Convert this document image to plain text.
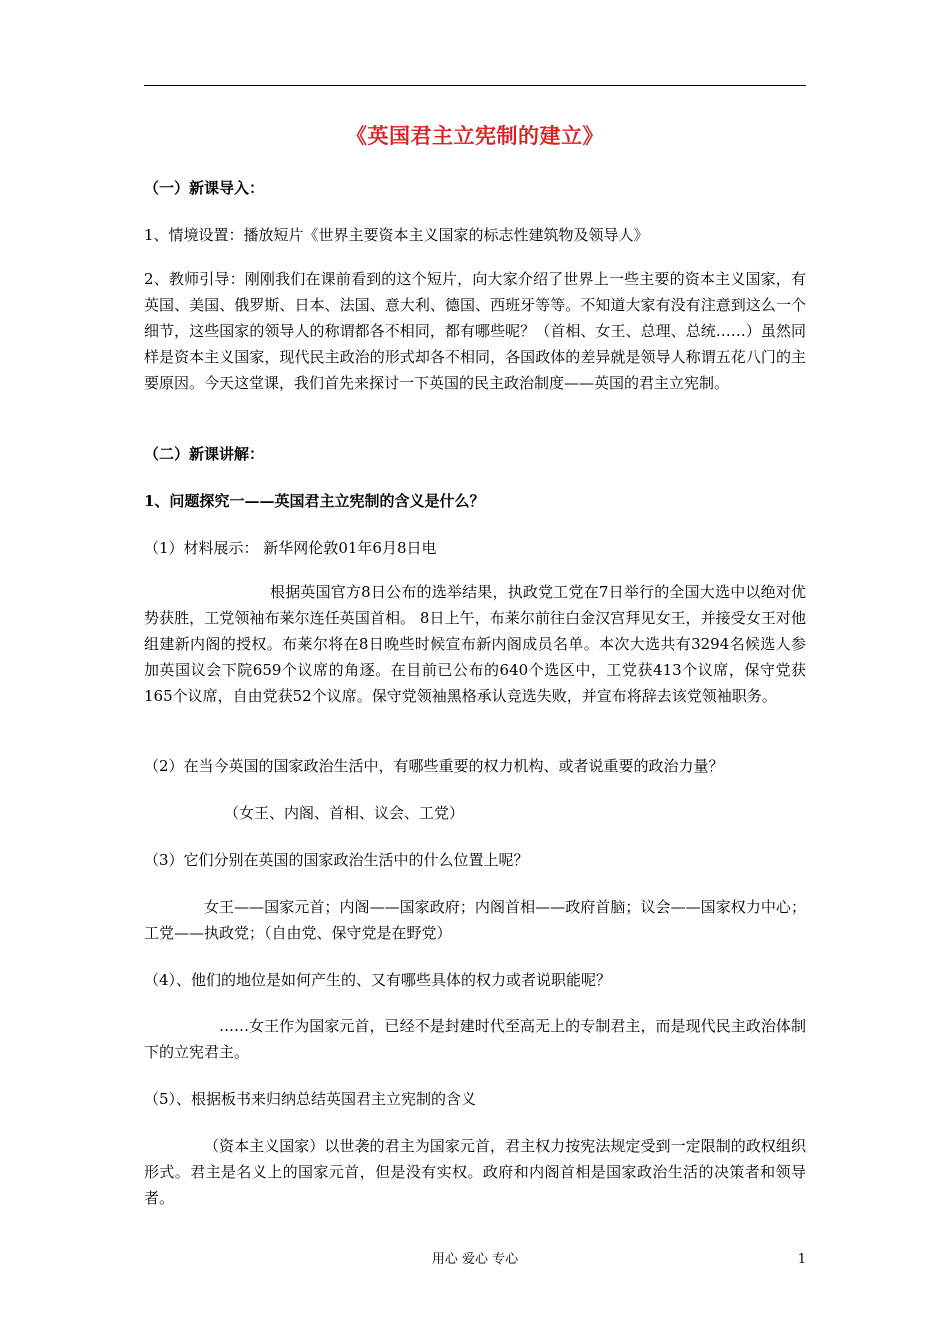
《英国君主立宪制的建立》
（一）新课导入：
1、情境设置：播放短片《世界主要资本主义国家的标志性建筑物及领导人》
2、教师引导：刚刚我们在课前看到的这个短片，向大家介绍了世界上一些主要的资本主义国家，有英国、美国、俄罗斯、日本、法国、意大利、德国、西班牙等等。不知道大家有没有注意到这么一个细节，这些国家的领导人的称谓都各不相同，都有哪些呢？（首相、女王、总理、总统……）虽然同样是资本主义国家，现代民主政治的形式却各不相同，各国政体的差异就是领导人称谓五花八门的主要原因。今天这堂课，我们首先来探讨一下英国的民主政治制度——英国的君主立宪制。
（二）新课讲解：
1、问题探究一——英国君主立宪制的含义是什么？
（1）材料展示： 新华网伦敦01年6月8日电
根据英国官方8日公布的选举结果，执政党工党在7日举行的全国大选中以绝对优势获胜，工党领袖布莱尔连任英国首相。 8日上午，布莱尔前往白金汉宫拜见女王，并接受女王对他组建新内阁的授权。布莱尔将在8日晚些时候宣布新内阁成员名单。本次大选共有3294名候选人参加英国议会下院659个议席的角逐。在目前已公布的640个选区中，工党获413个议席，保守党获165个议席，自由党获52个议席。保守党领袖黑格承认竞选失败，并宣布将辞去该党领袖职务。
（2）在当今英国的国家政治生活中，有哪些重要的权力机构、或者说重要的政治力量？
（女王、内阁、首相、议会、工党）
（3）它们分别在英国的国家政治生活中的什么位置上呢？
女王——国家元首；内阁——国家政府；内阁首相——政府首脑；议会——国家权力中心；工党——执政党；（自由党、保守党是在野党）
（4）、他们的地位是如何产生的、又有哪些具体的权力或者说职能呢？
……女王作为国家元首，已经不是封建时代至高无上的专制君主，而是现代民主政治体制下的立宪君主。
（5）、根据板书来归纳总结英国君主立宪制的含义
（资本主义国家）以世袭的君主为国家元首，君主权力按宪法规定受到一定限制的政权组织形式。君主是名义上的国家元首，但是没有实权。政府和内阁首相是国家政治生活的决策者和领导者。
用心 爱心 专心	1
